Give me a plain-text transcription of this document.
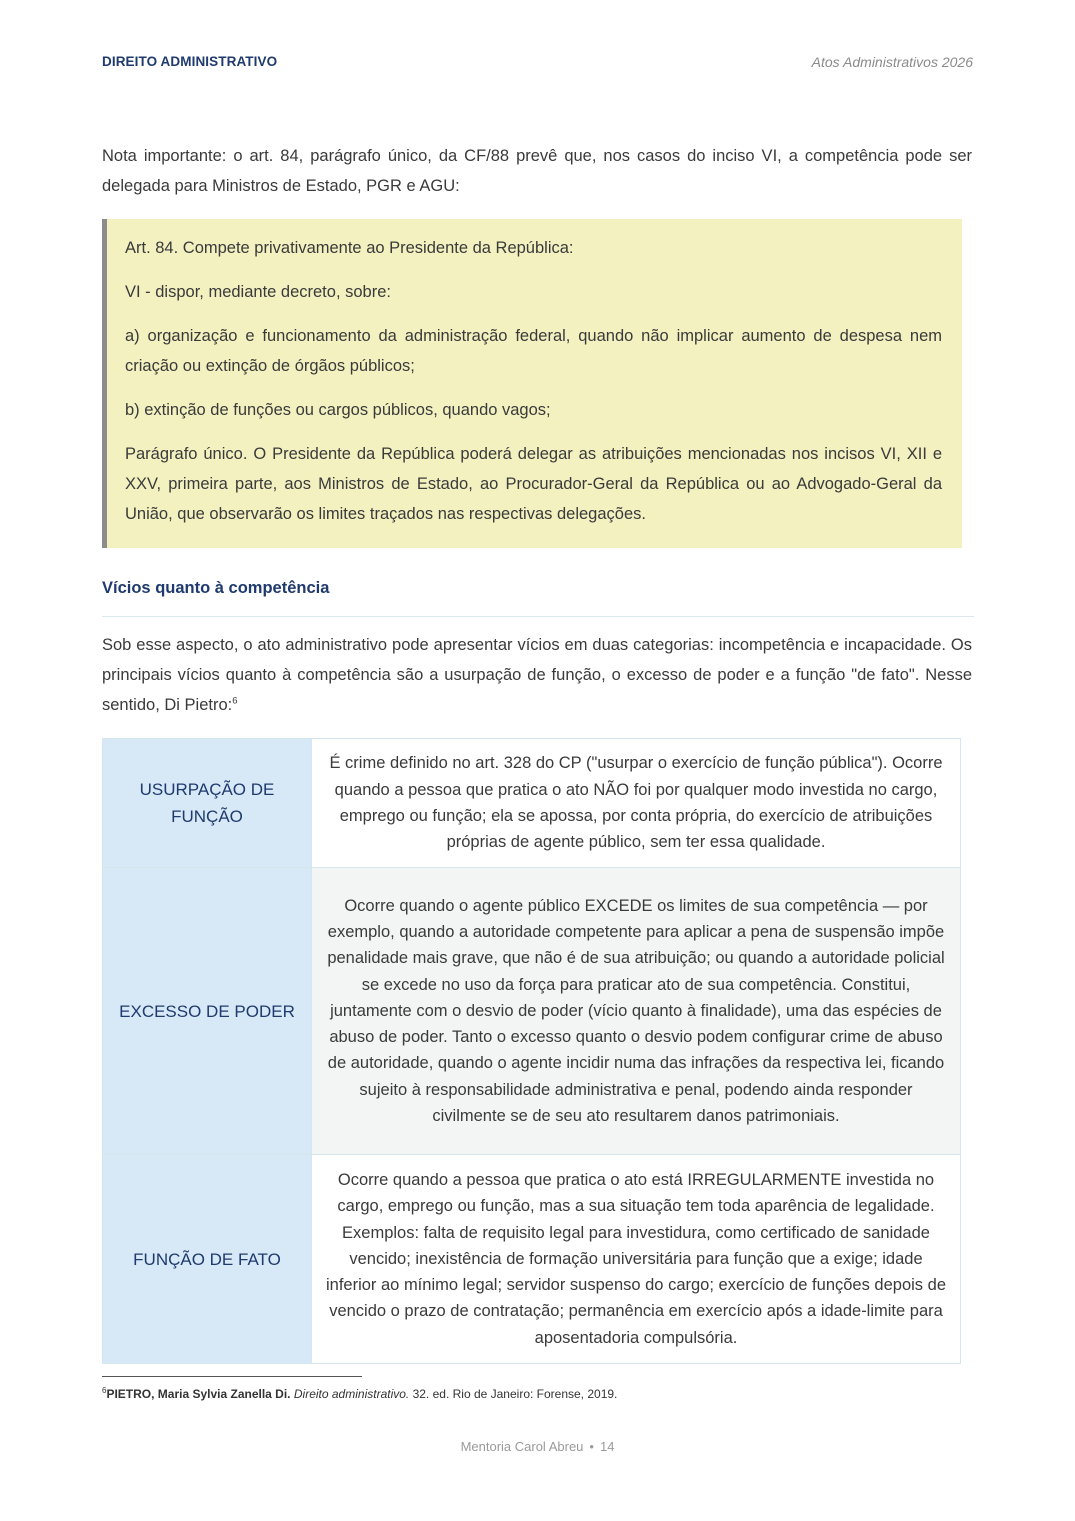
DIREITO ADMINISTRATIVO	Atos Administrativos 2026

Nota importante: o art. 84, parágrafo único, da CF/88 prevê que, nos casos do inciso VI, a competência pode ser delegada para Ministros de Estado, PGR e AGU:

Art. 84. Compete privativamente ao Presidente da República:

VI - dispor, mediante decreto, sobre:

a) organização e funcionamento da administração federal, quando não implicar aumento de despesa nem criação ou extinção de órgãos públicos;

b) extinção de funções ou cargos públicos, quando vagos;

Parágrafo único. O Presidente da República poderá delegar as atribuições mencionadas nos incisos VI, XII e XXV, primeira parte, aos Ministros de Estado, ao Procurador-Geral da República ou ao Advogado-Geral da União, que observarão os limites traçados nas respectivas delegações.

Vícios quanto à competência

Sob esse aspecto, o ato administrativo pode apresentar vícios em duas categorias: incompetência e incapacidade. Os principais vícios quanto à competência são a usurpação de função, o excesso de poder e a função "de fato". Nesse sentido, Di Pietro:$^6$

USURPAÇÃO DE FUNÇÃO	É crime definido no art. 328 do CP ("usurpar o exercício de função pública"). Ocorre quando a pessoa que pratica o ato NÃO foi por qualquer modo investida no cargo, emprego ou função; ela se apossa, por conta própria, do exercício de atribuições próprias de agente público, sem ter essa qualidade.
EXCESSO DE PODER	Ocorre quando o agente público EXCEDE os limites de sua competência — por exemplo, quando a autoridade competente para aplicar a pena de suspensão impõe penalidade mais grave, que não é de sua atribuição; ou quando a autoridade policial se excede no uso da força para praticar ato de sua competência. Constitui, juntamente com o desvio de poder (vício quanto à finalidade), uma das espécies de abuso de poder. Tanto o excesso quanto o desvio podem configurar crime de abuso de autoridade, quando o agente incidir numa das infrações da respectiva lei, ficando sujeito à responsabilidade administrativa e penal, podendo ainda responder civilmente se de seu ato resultarem danos patrimoniais.
FUNÇÃO DE FATO	Ocorre quando a pessoa que pratica o ato está IRREGULARMENTE investida no cargo, emprego ou função, mas a sua situação tem toda aparência de legalidade. Exemplos: falta de requisito legal para investidura, como certificado de sanidade vencido; inexistência de formação universitária para função que a exige; idade inferior ao mínimo legal; servidor suspenso do cargo; exercício de funções depois de vencido o prazo de contratação; permanência em exercício após a idade-limite para aposentadoria compulsória.
$^6$PIETRO, Maria Sylvia Zanella Di. Direito administrativo. 32. ed. Rio de Janeiro: Forense, 2019.
Mentoria Carol Abreu • 14
